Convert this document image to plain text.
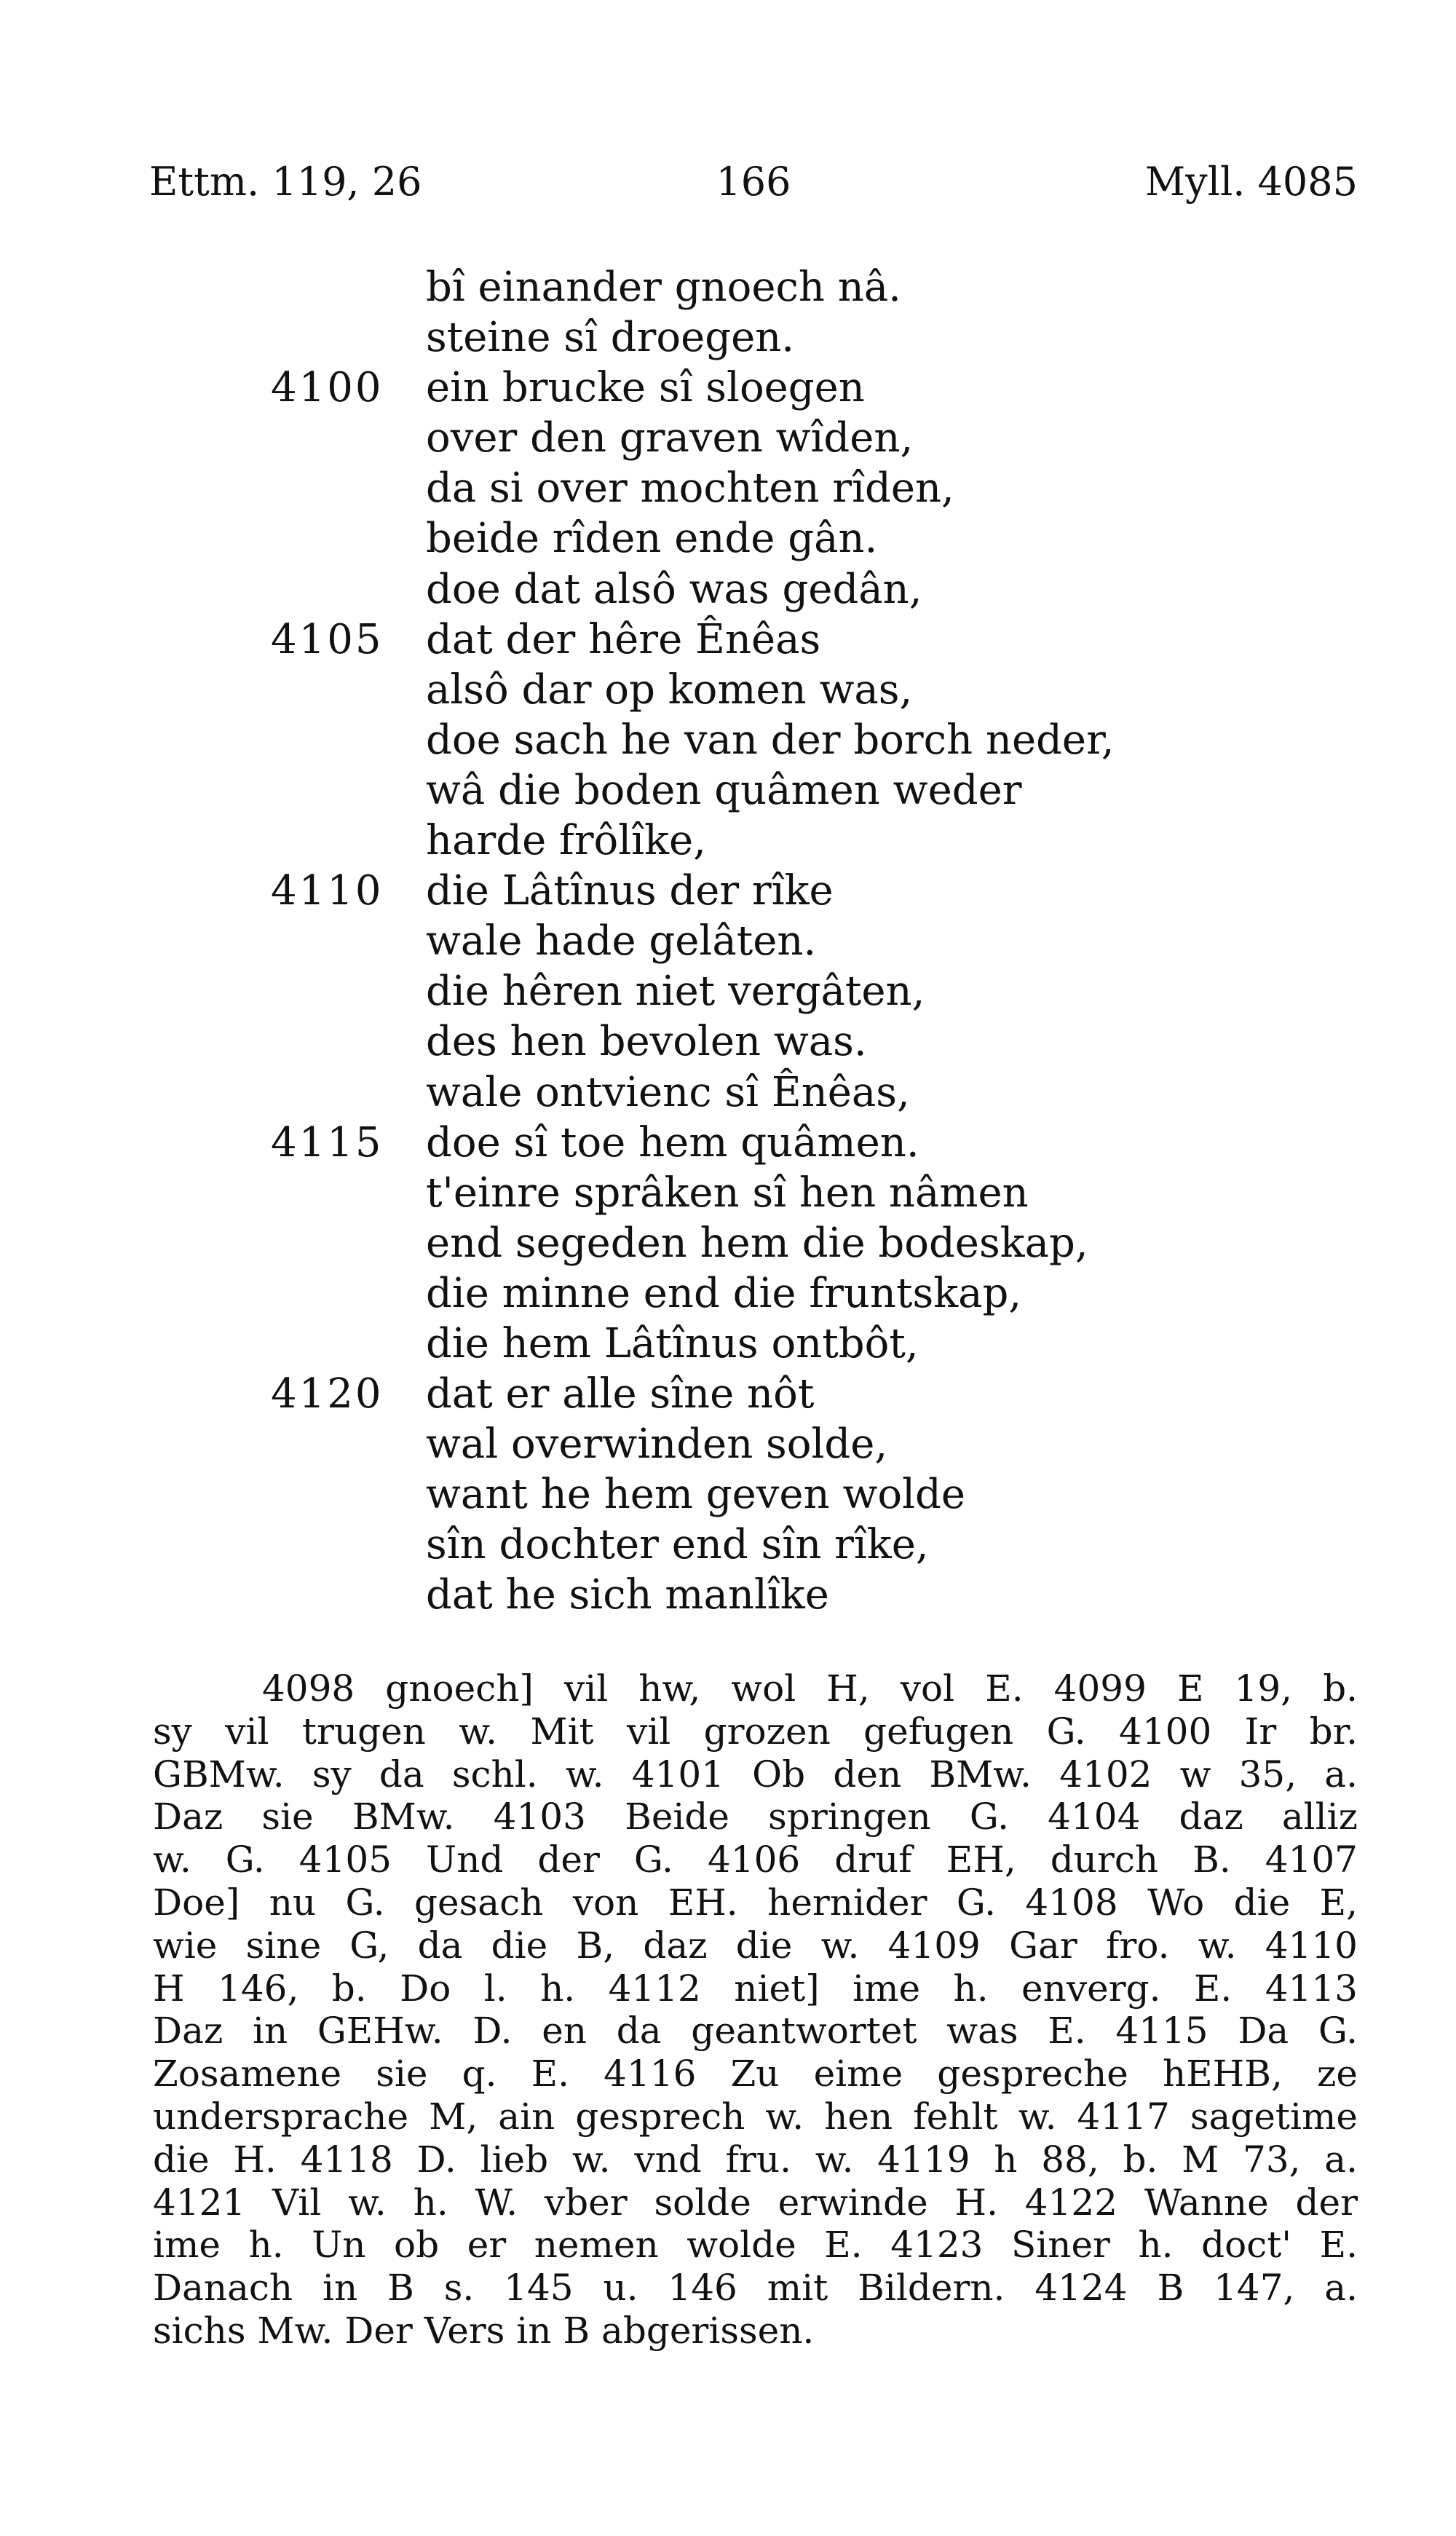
Ettm. 119, 26	166	Myll. 4085
bî einander gnoech nâ.
steine sî droegen.
4100 ein brucke sî sloegen
over den graven wîden,
da si over mochten rîden,
beide rîden ende gân.
doe dat alsô was gedân,
4105 dat der hêre Ênêas
alsô dar op komen was,
doe sach he van der borch neder,
wâ die boden quâmen weder
harde frôlîke,
4110 die Lâtînus der rîke
wale hade gelâten.
die hêren niet vergâten,
des hen bevolen was.
wale ontvienc sî Ênêas,
4115 doe sî toe hem quâmen.
t'einre sprâken sî hen nâmen
end segeden hem die bodeskap,
die minne end die fruntskap,
die hem Lâtînus ontbôt,
4120 dat er alle sîne nôt
wal overwinden solde,
want he hem geven wolde
sîn dochter end sîn rîke,
dat he sich manlîke
4098 gnoech] vil hw, wol H, vol E. 4099 E 19, b.
sy vil trugen w. Mit vil grozen gefugen G. 4100 Ir br.
GBMw. sy da schl. w. 4101 Ob den BMw. 4102 w 35, a.
Daz sie BMw. 4103 Beide springen G. 4104 daz alliz
w. G. 4105 Und der G. 4106 druf EH, durch B. 4107
Doe] nu G. gesach von EH. hernider G. 4108 Wo die E,
wie sine G, da die B, daz die w. 4109 Gar fro. w. 4110
H 146, b. Do l. h. 4112 niet] ime h. enverg. E. 4113
Daz in GEHw. D. en da geantwortet was E. 4115 Da G.
Zosamene sie q. E. 4116 Zu eime gespreche hEHB, ze
undersprache M, ain gesprech w. hen fehlt w. 4117 sagetime
die H. 4118 D. lieb w. vnd fru. w. 4119 h 88, b. M 73, a.
4121 Vil w. h. W. vber solde erwinde H. 4122 Wanne der
ime h. Un ob er nemen wolde E. 4123 Siner h. doct' E.
Danach in B s. 145 u. 146 mit Bildern. 4124 B 147, a.
sichs Mw. Der Vers in B abgerissen.
